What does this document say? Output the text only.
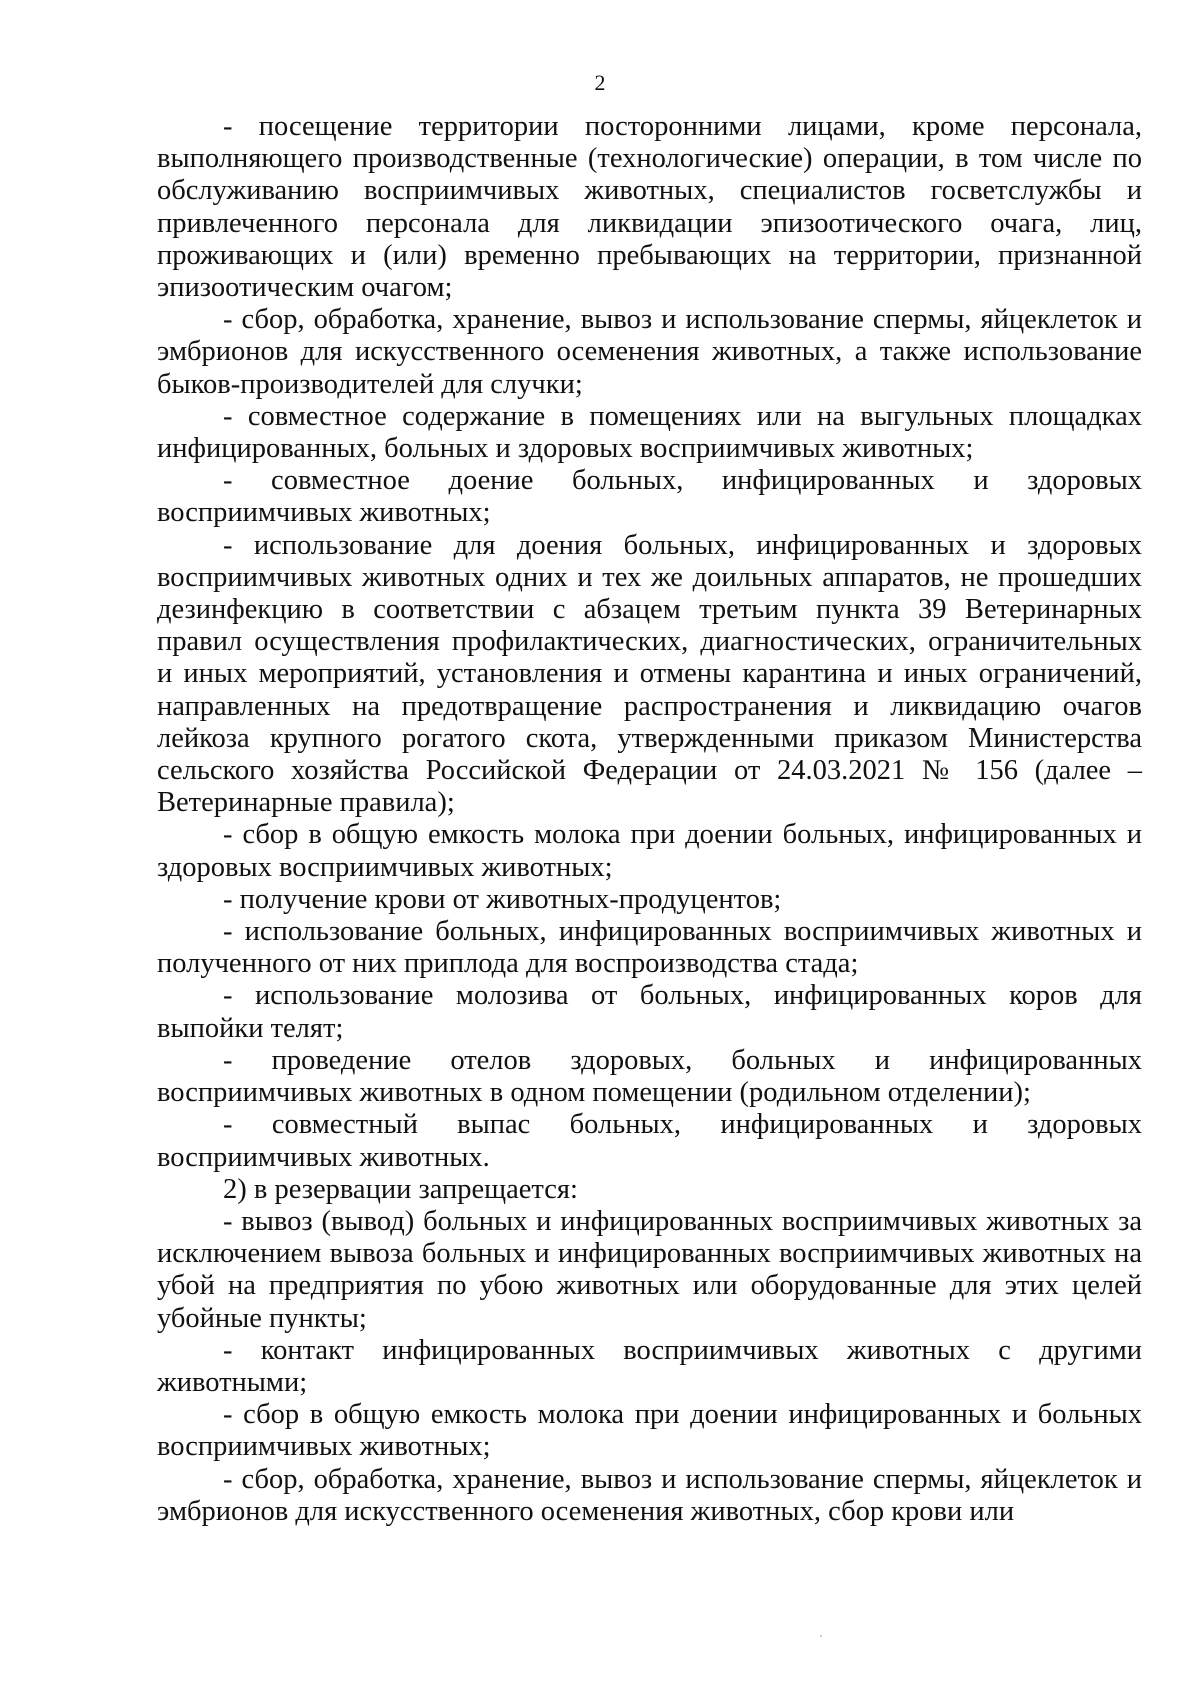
2

- посещение территории посторонними лицами, кроме персонала, выполняющего производственные (технологические) операции, в том числе по обслуживанию восприимчивых животных, специалистов госветслужбы и привлеченного персонала для ликвидации эпизоотического очага, лиц, проживающих и (или) временно пребывающих на территории, признанной эпизоотическим очагом;

- сбор, обработка, хранение, вывоз и использование спермы, яйцеклеток и эмбрионов для искусственного осеменения животных, а также использование быков-производителей для случки;

- совместное содержание в помещениях или на выгульных площадках инфицированных, больных и здоровых восприимчивых животных;

- совместное доение больных, инфицированных и здоровых восприимчивых животных;

- использование для доения больных, инфицированных и здоровых восприимчивых животных одних и тех же доильных аппаратов, не прошедших дезинфекцию в соответствии с абзацем третьим пункта 39 Ветеринарных правил осуществления профилактических, диагностических, ограничительных и иных мероприятий, установления и отмены карантина и иных ограничений, направленных на предотвращение распространения и ликвидацию очагов лейкоза крупного рогатого скота, утвержденными приказом Министерства сельского хозяйства Российской Федерации от 24.03.2021 № 156 (далее – Ветеринарные правила);

- сбор в общую емкость молока при доении больных, инфицированных и здоровых восприимчивых животных;

- получение крови от животных-продуцентов;

- использование больных, инфицированных восприимчивых животных и полученного от них приплода для воспроизводства стада;

- использование молозива от больных, инфицированных коров для выпойки телят;

- проведение отелов здоровых, больных и инфицированных восприимчивых животных в одном помещении (родильном отделении);

- совместный выпас больных, инфицированных и здоровых восприимчивых животных.

2) в резервации запрещается:

- вывоз (вывод) больных и инфицированных восприимчивых животных за исключением вывоза больных и инфицированных восприимчивых животных на убой на предприятия по убою животных или оборудованные для этих целей убойные пункты;

- контакт инфицированных восприимчивых животных с другими животными;

- сбор в общую емкость молока при доении инфицированных и больных восприимчивых животных;

- сбор, обработка, хранение, вывоз и использование спермы, яйцеклеток и эмбрионов для искусственного осеменения животных, сбор крови или
